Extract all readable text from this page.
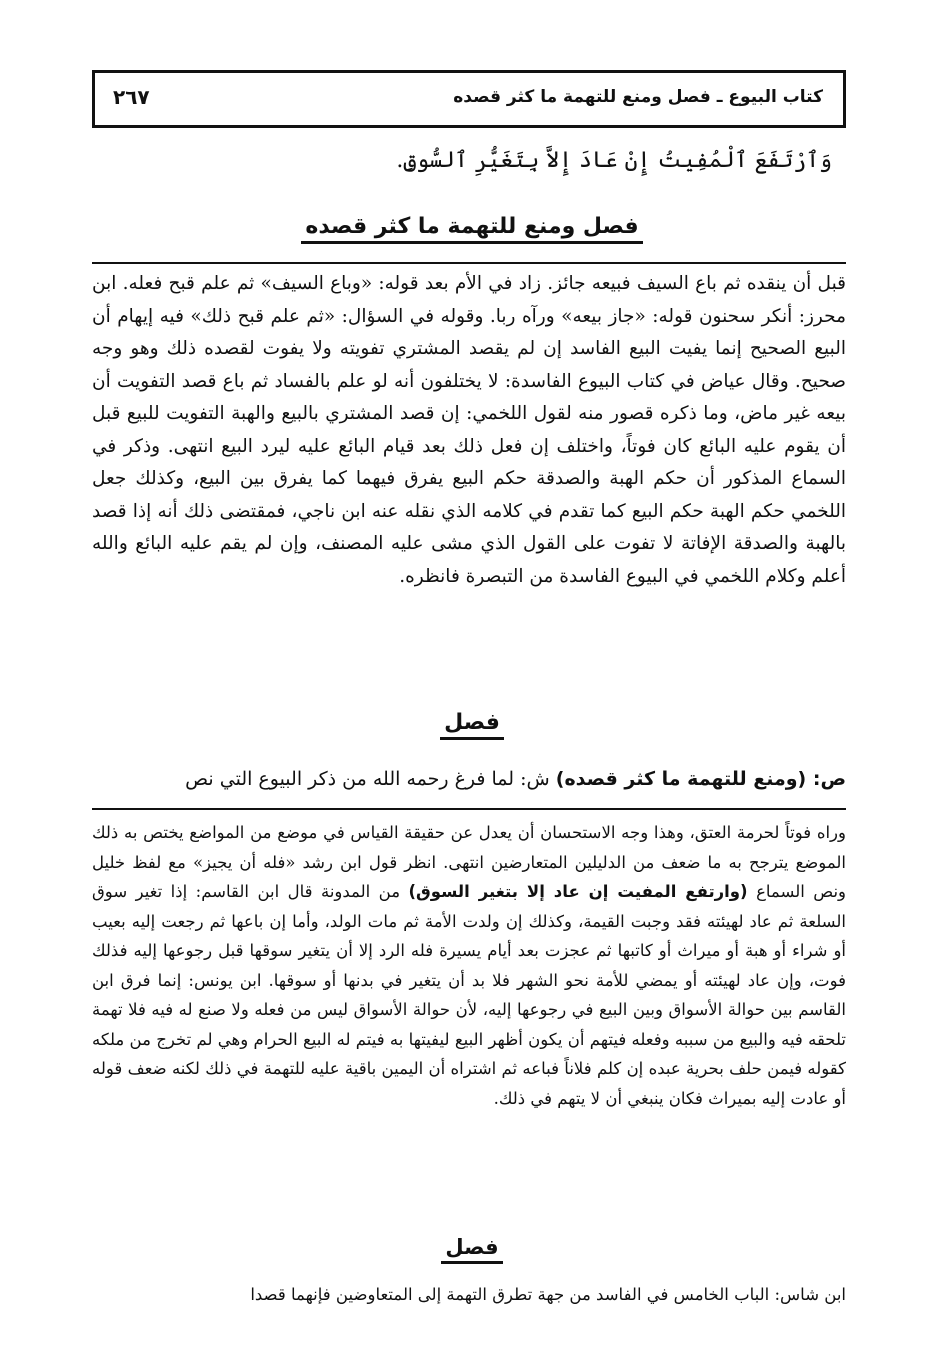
كتاب البيوع ـ فصل ومنع للتهمة ما كثر قصده
٢٦٧
وَٱرْتَفَعَ ٱلْمُفِيتُ إِنْ عَادَ إِلاَّ بِتَغَيُّرِ ٱلسُّوقِ.
فصل ومنع للتهمة ما كثر قصده
قبل أن ينقده ثم باع السيف فبيعه جائز. زاد في الأم بعد قوله: «وباع السيف» ثم علم قبح فعله. ابن محرز: أنكر سحنون قوله: «جاز بيعه» ورآه ربا. وقوله في السؤال: «ثم علم قبح ذلك» فيه إيهام أن البيع الصحيح إنما يفيت البيع الفاسد إن لم يقصد المشتري تفويته ولا يفوت لقصده ذلك وهو وجه صحيح. وقال عياض في كتاب البيوع الفاسدة: لا يختلفون أنه لو علم بالفساد ثم باع قصد التفويت أن بيعه غير ماض، وما ذكره قصور منه لقول اللخمي: إن قصد المشتري بالبيع والهبة التفويت للبيع قبل أن يقوم عليه البائع كان فوتاً، واختلف إن فعل ذلك بعد قيام البائع عليه ليرد البيع انتهى. وذكر في السماع المذكور أن حكم الهبة والصدقة حكم البيع يفرق فيهما كما يفرق بين البيع، وكذلك جعل اللخمي حكم الهبة حكم البيع كما تقدم في كلامه الذي نقله عنه ابن ناجي، فمقتضى ذلك أنه إذا قصد بالهبة والصدقة الإفاتة لا تفوت على القول الذي مشى عليه المصنف، وإن لم يقم عليه البائع والله أعلم وكلام اللخمي في البيوع الفاسدة من التبصرة فانظره.
فصل
ص: (ومنع للتهمة ما كثر قصده) ش: لما فرغ رحمه الله من ذكر البيوع التي نص
وراه فوتاً لحرمة العتق، وهذا وجه الاستحسان أن يعدل عن حقيقة القياس في موضع من المواضع يختص به ذلك الموضع يترجح به ما ضعف من الدليلين المتعارضين انتهى. انظر قول ابن رشد «فله أن يجيز» مع لفظ خليل ونص السماع (وارتفع المفيت إن عاد إلا بتغير السوق) من المدونة قال ابن القاسم: إذا تغير سوق السلعة ثم عاد لهيئته فقد وجبت القيمة، وكذلك إن ولدت الأمة ثم مات الولد، وأما إن باعها ثم رجعت إليه بعيب أو شراء أو هبة أو ميراث أو كاتبها ثم عجزت بعد أيام يسيرة فله الرد إلا أن يتغير سوقها قبل رجوعها إليه فذلك فوت، وإن عاد لهيئته أو يمضي للأمة نحو الشهر فلا بد أن يتغير في بدنها أو سوقها. ابن يونس: إنما فرق ابن القاسم بين حوالة الأسواق وبين البيع في رجوعها إليه، لأن حوالة الأسواق ليس من فعله ولا صنع له فيه فلا تهمة تلحقه فيه والبيع من سببه وفعله فيتهم أن يكون أظهر البيع ليفيتها به فيتم له البيع الحرام وهي لم تخرج من ملكه كقوله فيمن حلف بحرية عبده إن كلم فلاناً فباعه ثم اشتراه أن اليمين باقية عليه للتهمة في ذلك لكنه ضعف قوله أو عادت إليه بميراث فكان ينبغي أن لا يتهم في ذلك.
فصل
ابن شاس: الباب الخامس في الفاسد من جهة تطرق التهمة إلى المتعاوضين فإنهما قصدا
